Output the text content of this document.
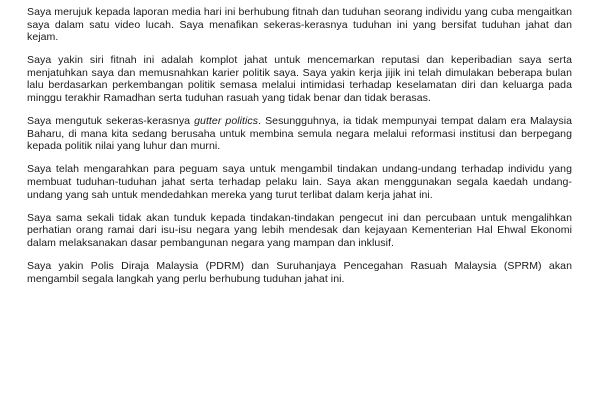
Saya merujuk kepada laporan media hari ini berhubung fitnah dan tuduhan seorang individu yang cuba mengaitkan saya dalam satu video lucah. Saya menafikan sekeras-kerasnya tuduhan ini yang bersifat tuduhan jahat dan kejam.

Saya yakin siri fitnah ini adalah komplot jahat untuk mencemarkan reputasi dan keperibadian saya serta menjatuhkan saya dan memusnahkan karier politik saya. Saya yakin kerja jijik ini telah dimulakan beberapa bulan lalu berdasarkan perkembangan politik semasa melalui intimidasi terhadap keselamatan diri dan keluarga pada minggu terakhir Ramadhan serta tuduhan rasuah yang tidak benar dan tidak berasas.

Saya mengutuk sekeras-kerasnya gutter politics. Sesungguhnya, ia tidak mempunyai tempat dalam era Malaysia Baharu, di mana kita sedang berusaha untuk membina semula negara melalui reformasi institusi dan berpegang kepada politik nilai yang luhur dan murni.

Saya telah mengarahkan para peguam saya untuk mengambil tindakan undang-undang terhadap individu yang membuat tuduhan-tuduhan jahat serta terhadap pelaku lain. Saya akan menggunakan segala kaedah undang-undang yang sah untuk mendedahkan mereka yang turut terlibat dalam kerja jahat ini.

Saya sama sekali tidak akan tunduk kepada tindakan-tindakan pengecut ini dan percubaan untuk mengalihkan perhatian orang ramai dari isu-isu negara yang lebih mendesak dan kejayaan Kementerian Hal Ehwal Ekonomi dalam melaksanakan dasar pembangunan negara yang mampan dan inklusif.

Saya yakin Polis Diraja Malaysia (PDRM) dan Suruhanjaya Pencegahan Rasuah Malaysia (SPRM) akan mengambil segala langkah yang perlu berhubung tuduhan jahat ini.
